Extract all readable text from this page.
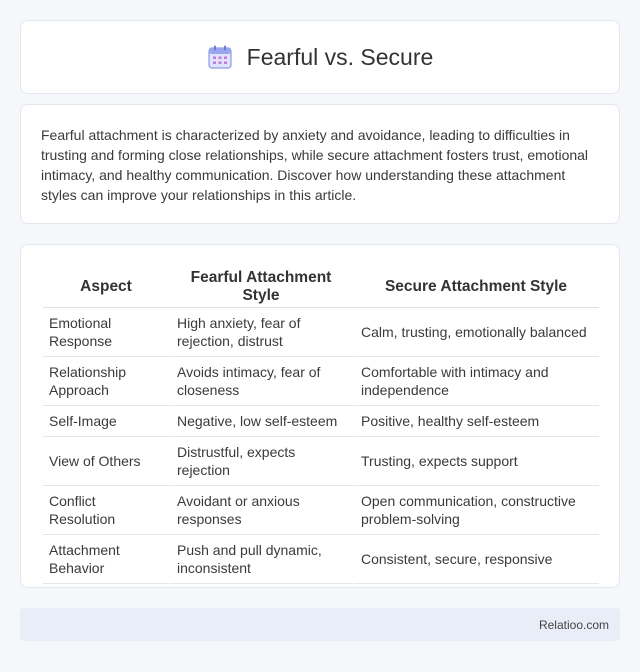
Fearful vs. Secure

Fearful attachment is characterized by anxiety and avoidance, leading to difficulties in trusting and forming close relationships, while secure attachment fosters trust, emotional intimacy, and healthy communication. Discover how understanding these attachment styles can improve your relationships in this article.

Aspect	Fearful Attachment Style	Secure Attachment Style
Emotional Response	High anxiety, fear of rejection, distrust	Calm, trusting, emotionally balanced
Relationship Approach	Avoids intimacy, fear of closeness	Comfortable with intimacy and independence
Self-Image	Negative, low self-esteem	Positive, healthy self-esteem
View of Others	Distrustful, expects rejection	Trusting, expects support
Conflict Resolution	Avoidant or anxious responses	Open communication, constructive problem-solving
Attachment Behavior	Push and pull dynamic, inconsistent	Consistent, secure, responsive
Relatioo.com
